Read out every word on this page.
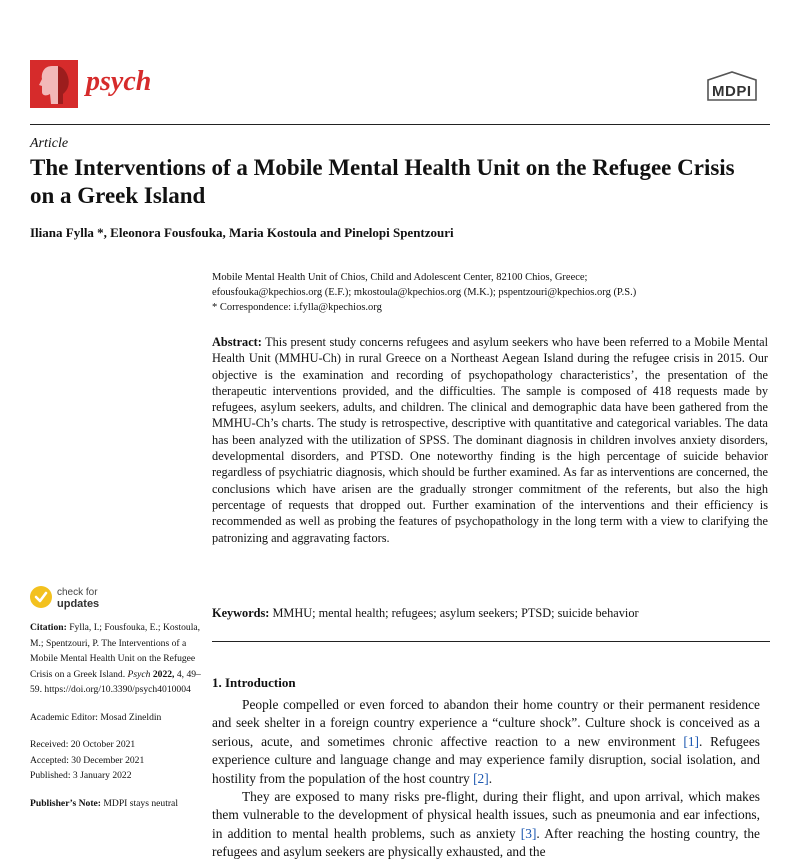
psych	MDPI
Article
The Interventions of a Mobile Mental Health Unit on the Refugee Crisis on a Greek Island
Iliana Fylla *, Eleonora Fousfouka, Maria Kostoula and Pinelopi Spentzouri

Mobile Mental Health Unit of Chios, Child and Adolescent Center, 82100 Chios, Greece;

efousfouka@kpechios.org (E.F.); mkostoula@kpechios.org (M.K.); pspentzouri@kpechios.org (P.S.)

* Correspondence: i.fylla@kpechios.org

Abstract: This present study concerns refugees and asylum seekers who have been referred to a Mobile Mental Health Unit (MMHU-Ch) in rural Greece on a Northeast Aegean Island during the refugee crisis in 2015. Our objective is the examination and recording of psychopathology characteristics’, the presentation of the therapeutic interventions provided, and the difficulties. The sample is composed of 418 requests made by refugees, asylum seekers, adults, and children. The clinical and demographic data have been gathered from the MMHU-Ch’s charts. The study is retrospective, descriptive with quantitative and categorical variables. The data has been analyzed with the utilization of SPSS. The dominant diagnosis in children involves anxiety disorders, developmental disorders, and PTSD. One noteworthy finding is the high percentage of suicide behavior regardless of psychiatric diagnosis, which should be further examined. As far as interventions are concerned, the conclusions which have arisen are the gradually stronger commitment of the referents, but also the high percentage of requests that dropped out. Further examination of the interventions and their efficiency is recommended as well as probing the features of psychopathology in the long term with a view to clarifying the patronizing and aggravating factors.

Keywords: MMHU; mental health; refugees; asylum seekers; PTSD; suicide behavior

check for
updates

Citation: Fylla, I.; Fousfouka, E.; Kostoula, M.; Spentzouri, P. The Interventions of a Mobile Mental Health Unit on the Refugee Crisis on a Greek Island. Psych 2022, 4, 49–59. https://doi.org/10.3390/psych4010004

Academic Editor: Mosad Zineldin

Received: 20 October 2021

Accepted: 30 December 2021

Published: 3 January 2022

Publisher’s Note: MDPI stays neutral

1. Introduction

People compelled or even forced to abandon their home country or their permanent residence and seek shelter in a foreign country experience a “culture shock”. Culture shock is conceived as a serious, acute, and sometimes chronic affective reaction to a new environment [1]. Refugees experience culture and language change and may experience family disruption, social isolation, and hostility from the population of the host country [2].

They are exposed to many risks pre-flight, during their flight, and upon arrival, which makes them vulnerable to the development of physical health issues, such as pneumonia and ear infections, in addition to mental health problems, such as anxiety [3]. After reaching the hosting country, the refugees and asylum seekers are physically exhausted, and the
